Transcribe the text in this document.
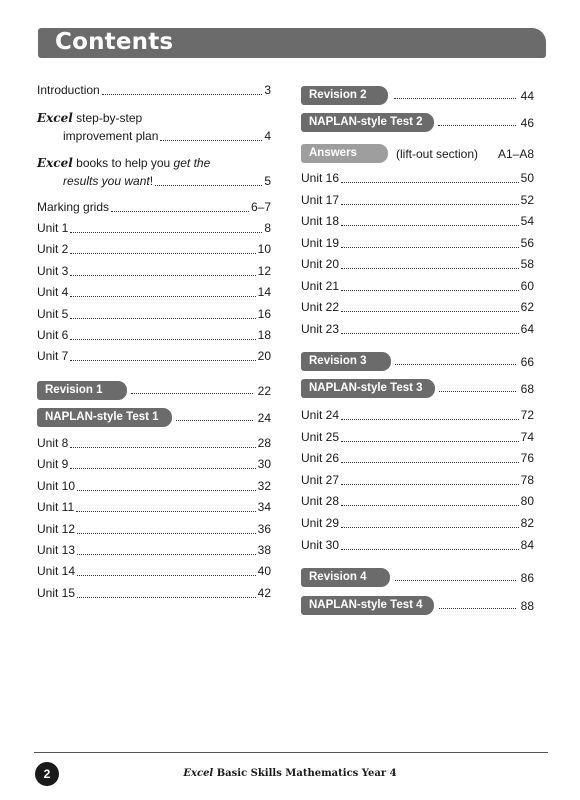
Contents
Introduction	3
Excel step-by-step
improvement plan	4
Excel books to help you get the
results you want !	5
Marking grids	6–7
Unit 1	8
Unit 2	10
Unit 3	12
Unit 4	14
Unit 5	16
Unit 6	18
Unit 7	20
Revision 1	22
NAPLAN-style Test 1	24
Unit 8	28
Unit 9	30
Unit 10	32
Unit 11	34
Unit 12	36
Unit 13	38
Unit 14	40
Unit 15	42
Revision 2	44
NAPLAN-style Test 2	46
Answers	(lift-out section) A1–A8
Unit 16	50
Unit 17	52
Unit 18	54
Unit 19	56
Unit 20	58
Unit 21	60
Unit 22	62
Unit 23	64
Revision 3	66
NAPLAN-style Test 3	68
Unit 24	72
Unit 25	74
Unit 26	76
Unit 27	78
Unit 28	80
Unit 29	82
Unit 30	84
Revision 4	86
NAPLAN-style Test 4	88
2	Excel Basic Skills Mathematics Year 4
